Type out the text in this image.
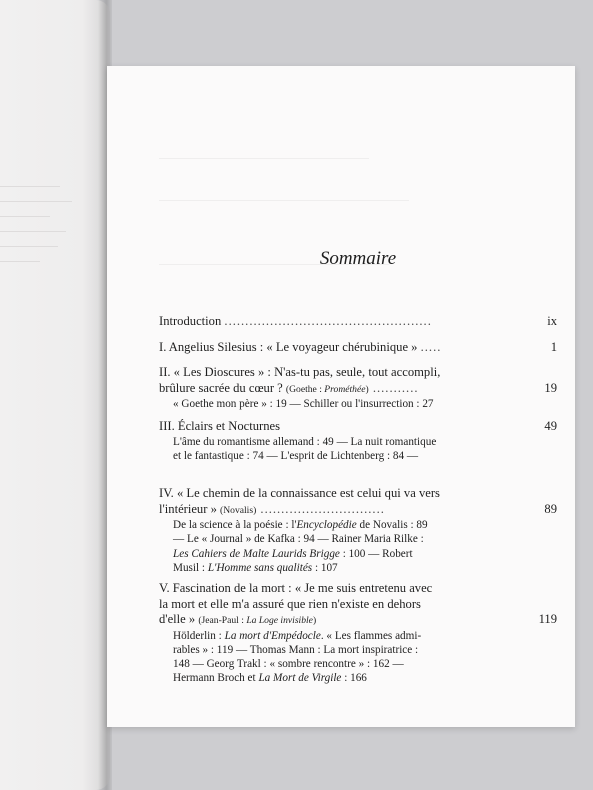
Sommaire
Introduction ..................................................	ix
I. Angelius Silesius : « Le voyageur chérubinique » .....	1
II. « Les Dioscures » : N'as-tu pas, seule, tout accompli,
brûlure sacrée du cœur ? (Goethe : Prométhée) ...........	19
« Goethe mon père » : 19 — Schiller ou l'insurrection : 27
III. Éclairs et Nocturnes ..........................	49
L'âme du romantisme allemand : 49 — La nuit romantique
et le fantastique : 74 — L'esprit de Lichtenberg : 84 —
IV. « Le chemin de la connaissance est celui qui va vers
l'intérieur » (Novalis) ..............................	89
De la science à la poésie : l'Encyclopédie de Novalis : 89
— Le « Journal » de Kafka : 94 — Rainer Maria Rilke :
Les Cahiers de Malte Laurids Brigge : 100 — Robert
Musil : L'Homme sans qualités : 107
V. Fascination de la mort : « Je me suis entretenu avec
la mort et elle m'a assuré que rien n'existe en dehors
d'elle » (Jean-Paul : La Loge invisible)	119
Hölderlin : La mort d'Empédocle. « Les flammes admi-
rables » : 119 — Thomas Mann : La mort inspiratrice :
148 — Georg Trakl : « sombre rencontre » : 162 —
Hermann Broch et La Mort de Virgile : 166
